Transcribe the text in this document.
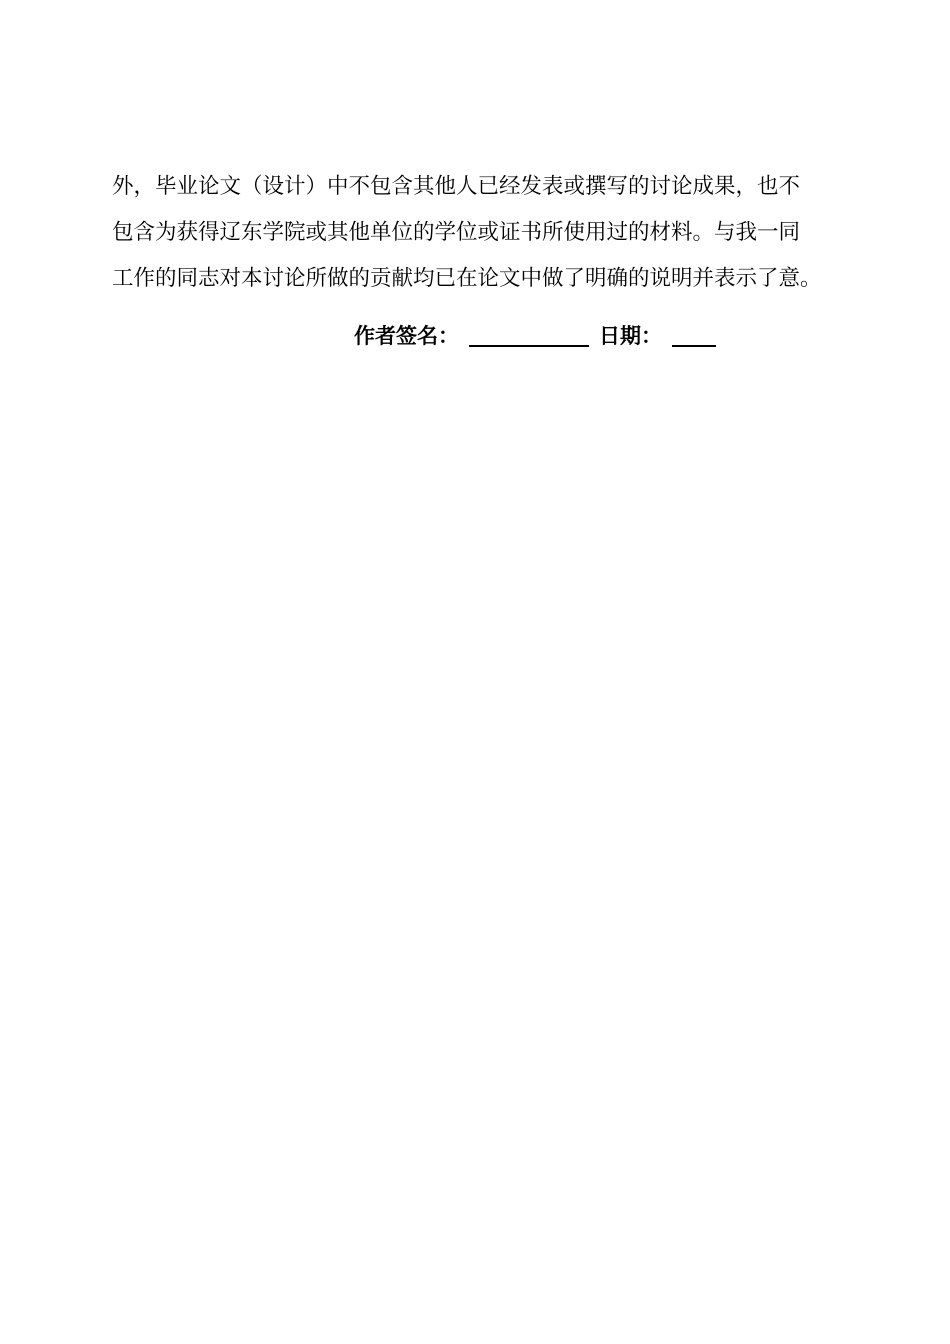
外，毕业论文（设计）中不包含其他人已经发表或撰写的讨论成果，也不
包含为获得辽东学院或其他单位的学位或证书所使用过的材料。与我一同
工作的同志对本讨论所做的贡献均已在论文中做了明确的说明并表示了意。
作者签名：	日期：
